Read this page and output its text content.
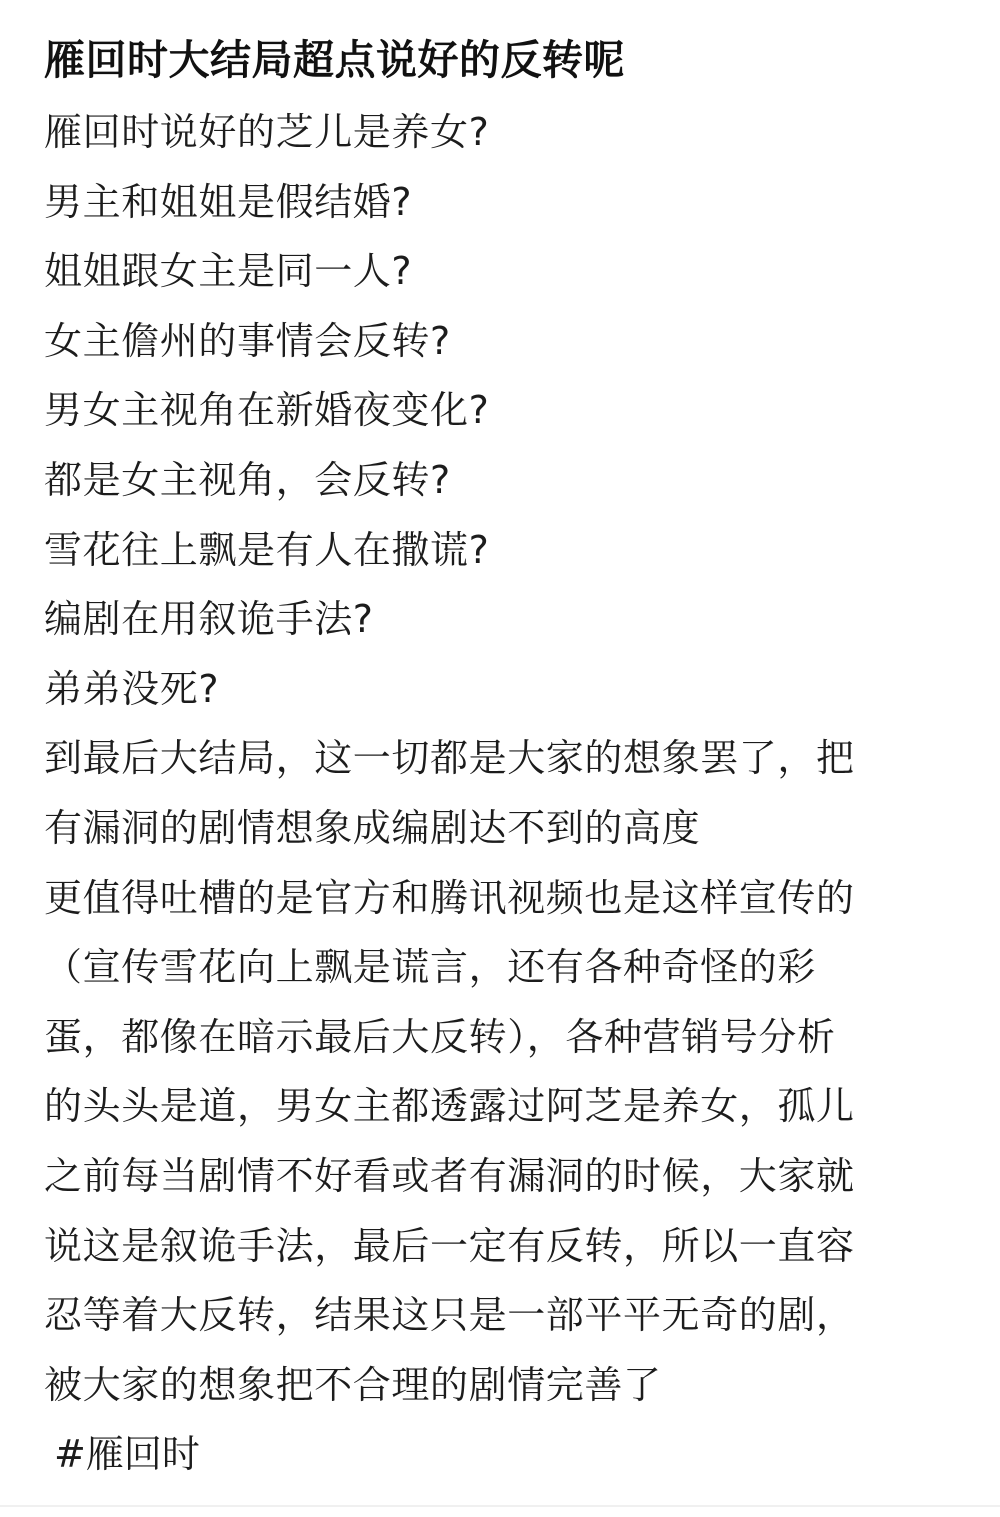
雁回时大结局超点说好的反转呢
雁回时说好的芝儿是养女?
男主和姐姐是假结婚?
姐姐跟女主是同一人?
女主儋州的事情会反转?
男女主视角在新婚夜变化?
都是女主视角，会反转?
雪花往上飘是有人在撒谎?
编剧在用叙诡手法?
弟弟没死?
到最后大结局，这一切都是大家的想象罢了，把
有漏洞的剧情想象成编剧达不到的高度
更值得吐槽的是官方和腾讯视频也是这样宣传的
（宣传雪花向上飘是谎言，还有各种奇怪的彩
蛋，都像在暗示最后大反转），各种营销号分析
的头头是道，男女主都透露过阿芝是养女，孤儿
之前每当剧情不好看或者有漏洞的时候，大家就
说这是叙诡手法，最后一定有反转，所以一直容
忍等着大反转，结果这只是一部平平无奇的剧，
被大家的想象把不合理的剧情完善了
#雁回时
